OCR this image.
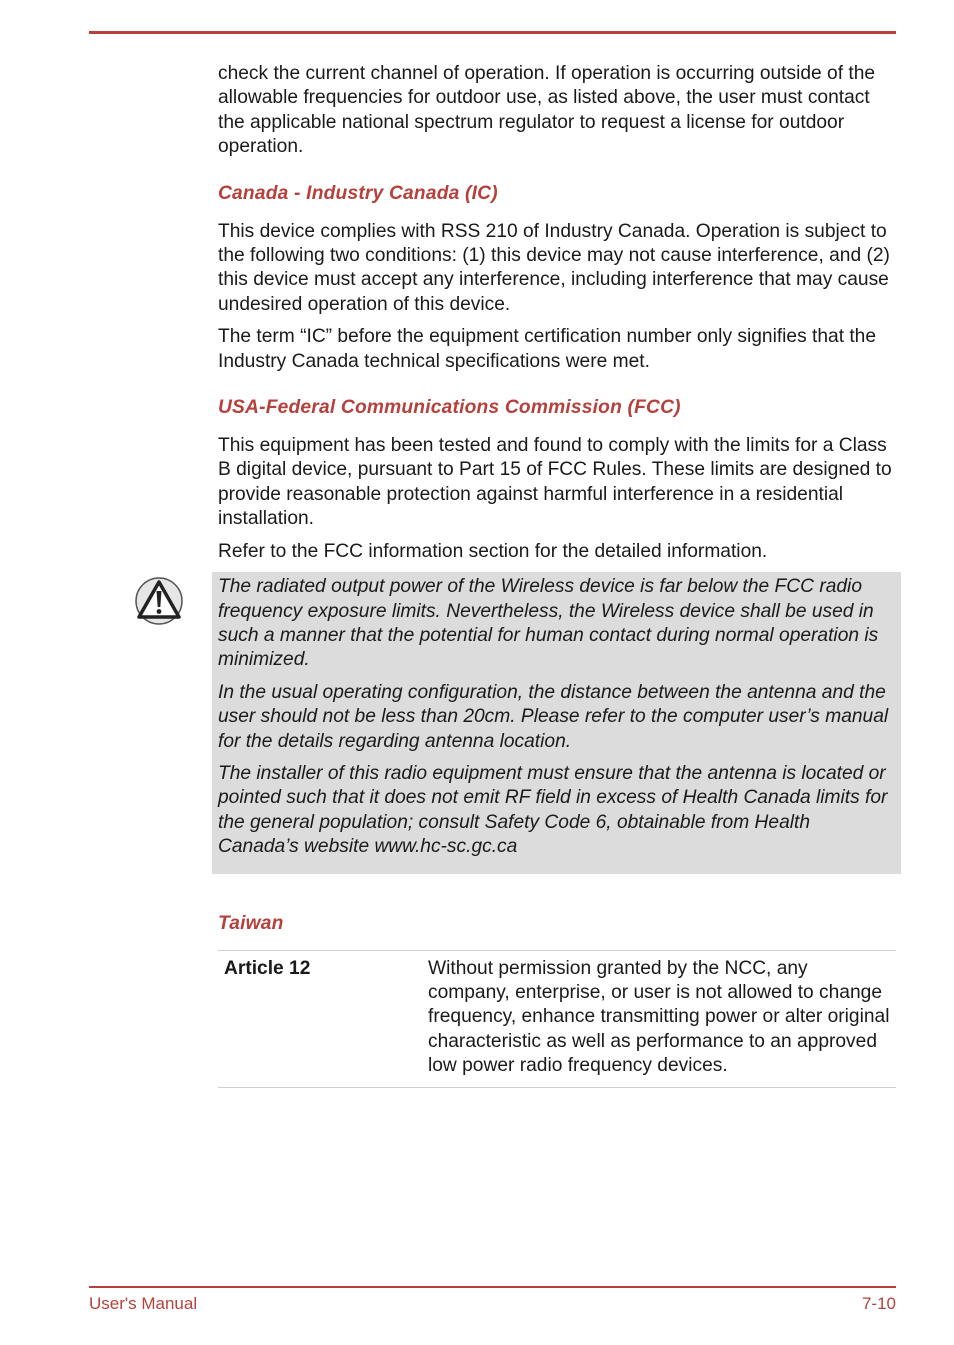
check the current channel of operation. If operation is occurring outside of the allowable frequencies for outdoor use, as listed above, the user must contact the applicable national spectrum regulator to request a license for outdoor operation.

Canada - Industry Canada (IC)

This device complies with RSS 210 of Industry Canada. Operation is subject to the following two conditions: (1) this device may not cause interference, and (2) this device must accept any interference, including interference that may cause undesired operation of this device.

The term “IC” before the equipment certification number only signifies that the Industry Canada technical specifications were met.

USA-Federal Communications Commission (FCC)

This equipment has been tested and found to comply with the limits for a Class B digital device, pursuant to Part 15 of FCC Rules. These limits are designed to provide reasonable protection against harmful interference in a residential installation.

Refer to the FCC information section for the detailed information.

The radiated output power of the Wireless device is far below the FCC radio frequency exposure limits. Nevertheless, the Wireless device shall be used in such a manner that the potential for human contact during normal operation is minimized.

In the usual operating configuration, the distance between the antenna and the user should not be less than 20cm. Please refer to the computer user’s manual for the details regarding antenna location.

The installer of this radio equipment must ensure that the antenna is located or pointed such that it does not emit RF field in excess of Health Canada limits for the general population; consult Safety Code 6, obtainable from Health Canada’s website www.hc-sc.gc.ca

Taiwan
Article 12	Without permission granted by the NCC, any company, enterprise, or user is not allowed to change frequency, enhance transmitting power or alter original characteristic as well as performance to an approved low power radio frequency devices.
User's Manual	7-10
